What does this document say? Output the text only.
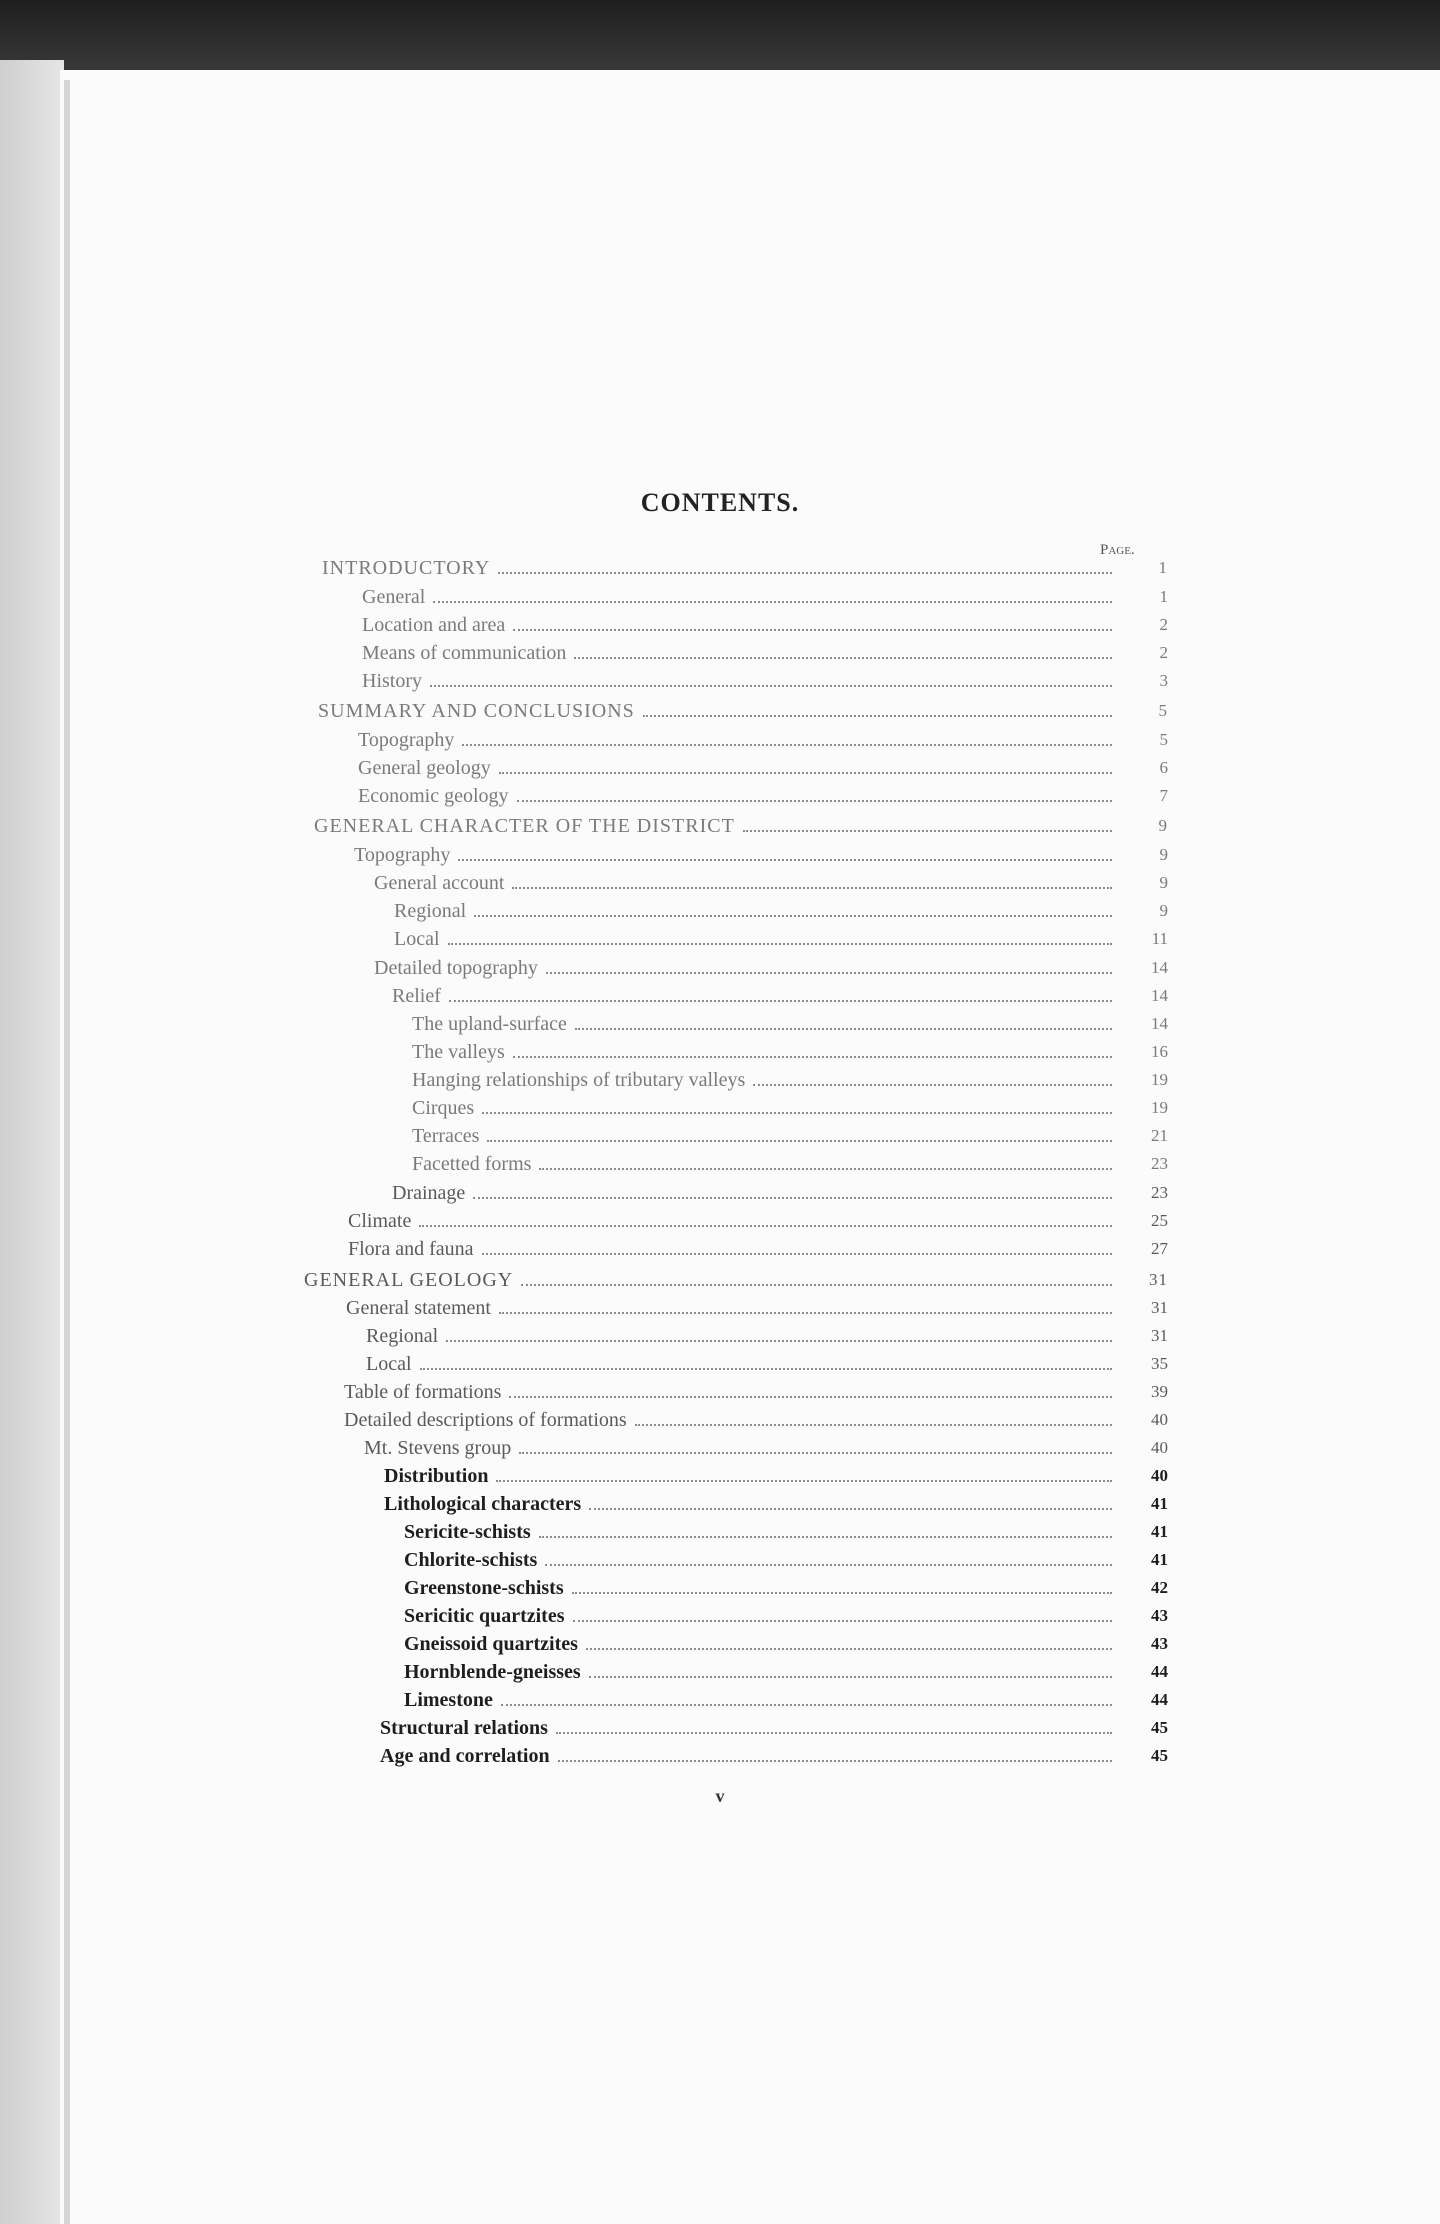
CONTENTS.
Page.
INTRODUCTORY	1
General	1
Location and area	2
Means of communication	2
History	3
SUMMARY AND CONCLUSIONS	5
Topography	5
General geology	6
Economic geology	7
GENERAL CHARACTER OF THE DISTRICT	9
Topography	9
General account	9
Regional	9
Local	11
Detailed topography	14
Relief	14
The upland-surface	14
The valleys	16
Hanging relationships of tributary valleys	19
Cirques	19
Terraces	21
Facetted forms	23
Drainage	23
Climate	25
Flora and fauna	27
GENERAL GEOLOGY	31
General statement	31
Regional	31
Local	35
Table of formations	39
Detailed descriptions of formations	40
Mt. Stevens group	40
Distribution	40
Lithological characters	41
Sericite-schists	41
Chlorite-schists	41
Greenstone-schists	42
Sericitic quartzites	43
Gneissoid quartzites	43
Hornblende-gneisses	44
Limestone	44
Structural relations	45
Age and correlation	45
v
